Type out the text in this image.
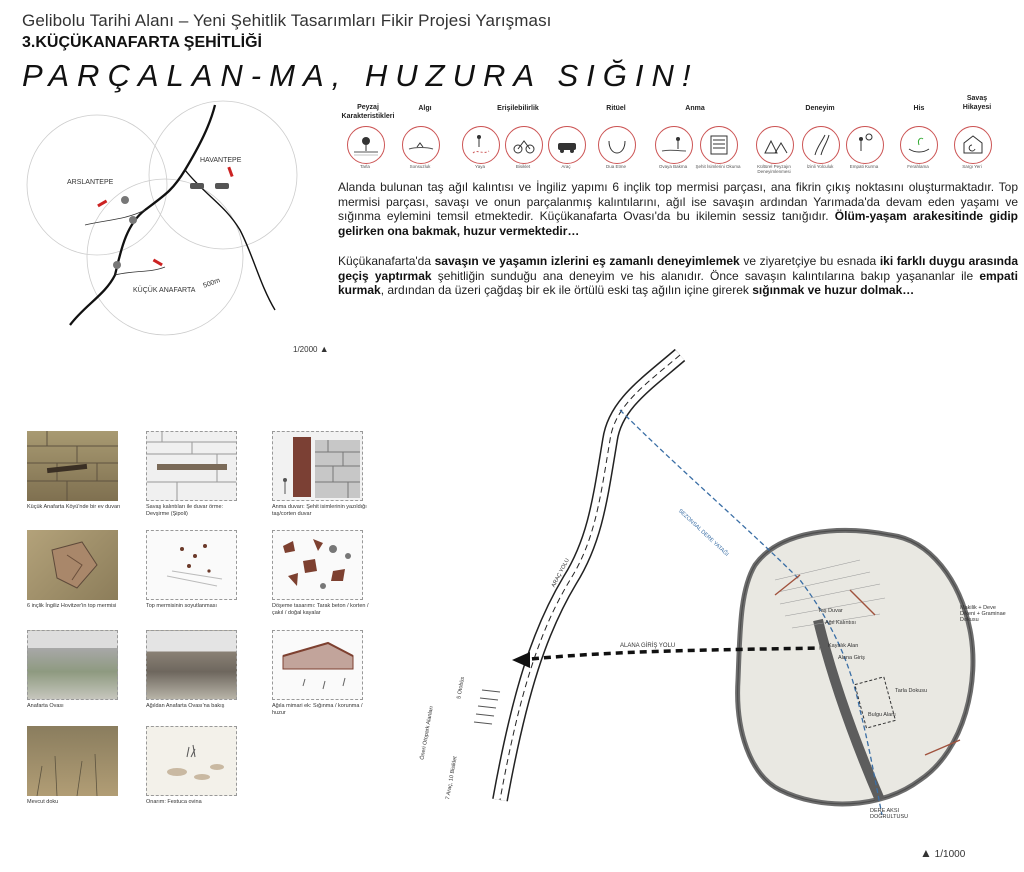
Gelibolu Tarihi Alanı – Yeni Şehitlik Tasarımları Fikir Projesi Yarışması
3.KÜÇÜKANAFARTA ŞEHİTLİĞİ
PARÇALAN-MA, HUZURA SIĞIN!
ARSLANTEPE
HAVANTEPE
KÜÇÜK ANAFARTA
500m
1/2000 ▲
Peyzaj
Karakteristikleri
Algı	Erişilebilirlik	Ritüel	Anma	Deneyim	His
Savaş
Hikayesi
Tarla	Sonsuzluk	Yaya	Bisiklet	Araç	Dua Etme	Ovaya Bakma	Şehit İsimlerini Okuma	Kültürel Peyzajın Deneyimlenmesi
İzinli Yolculuk	Empati Kurma	Ferahlama	Sargı Yeri
Alanda bulunan taş ağıl kalıntısı ve İngiliz yapımı 6 inçlik top mermisi parçası, ana fikrin çıkış noktasını oluşturmaktadır. Top mermisi parçası, savaşı ve onun parçalanmış kalıntılarını, ağıl ise savaşın ardından Yarımada'da devam eden yaşamı ve sığınma eylemini temsil etmektedir. Küçükanafarta Ovası'da bu ikilemin sessiz tanığıdır. Ölüm-yaşam arakesitinde gidip gelirken ona bakmak, huzur vermektedir…
Küçükanafarta'da savaşın ve yaşamın izlerini eş zamanlı deneyimlemek ve ziyaretçiye bu esnada iki farklı duygu arasında geçiş yaptırmak şehitliğin sunduğu ana deneyim ve his alanıdır. Önce savaşın kalıntılarına bakıp yaşananlar ile empati kurmak, ardından da üzeri çağdaş bir ek ile örtülü eski taş ağılın içine girerek sığınmak ve huzur dolmak…
Küçük Anafarta Köyü'nde bir ev duvarı	Savaş kalıntıları ile duvar örme: Devşirme (Şipoli)
Anma duvarı: Şehit isimlerinin yazıldığı taş/corten duvar
6 inçlik İngiliz Hovitzer'in top mermisi	Top mermisinin soyutlanması	Döşeme tasarımı: Tarak beton / korten / çakıl / doğal kayalar
Anafarta Ovası	Ağıldan Anafarta Ovası'na bakış	Ağıla mimari ek: Sığınma / korunma / huzur
Mevcut doku	Onarım: Festuca ovina
ARAÇ YOLU
SEZONSAL DERE YATAĞI
ALANA GİRİŞ YOLU
Öneri Otopark Alanları
5 Otobüs
7 Araç, 10 Bisiklet
Taş Duvar
Ağıl Kalıntısı
Kayalık Alan
Alana Giriş
Tarla Dokusu
Bulgu Alanı
Makilik + Deve Dikeni + Graminae Dokusu
DERE AKSI DOĞRULTUSU
▲ 1/1000
